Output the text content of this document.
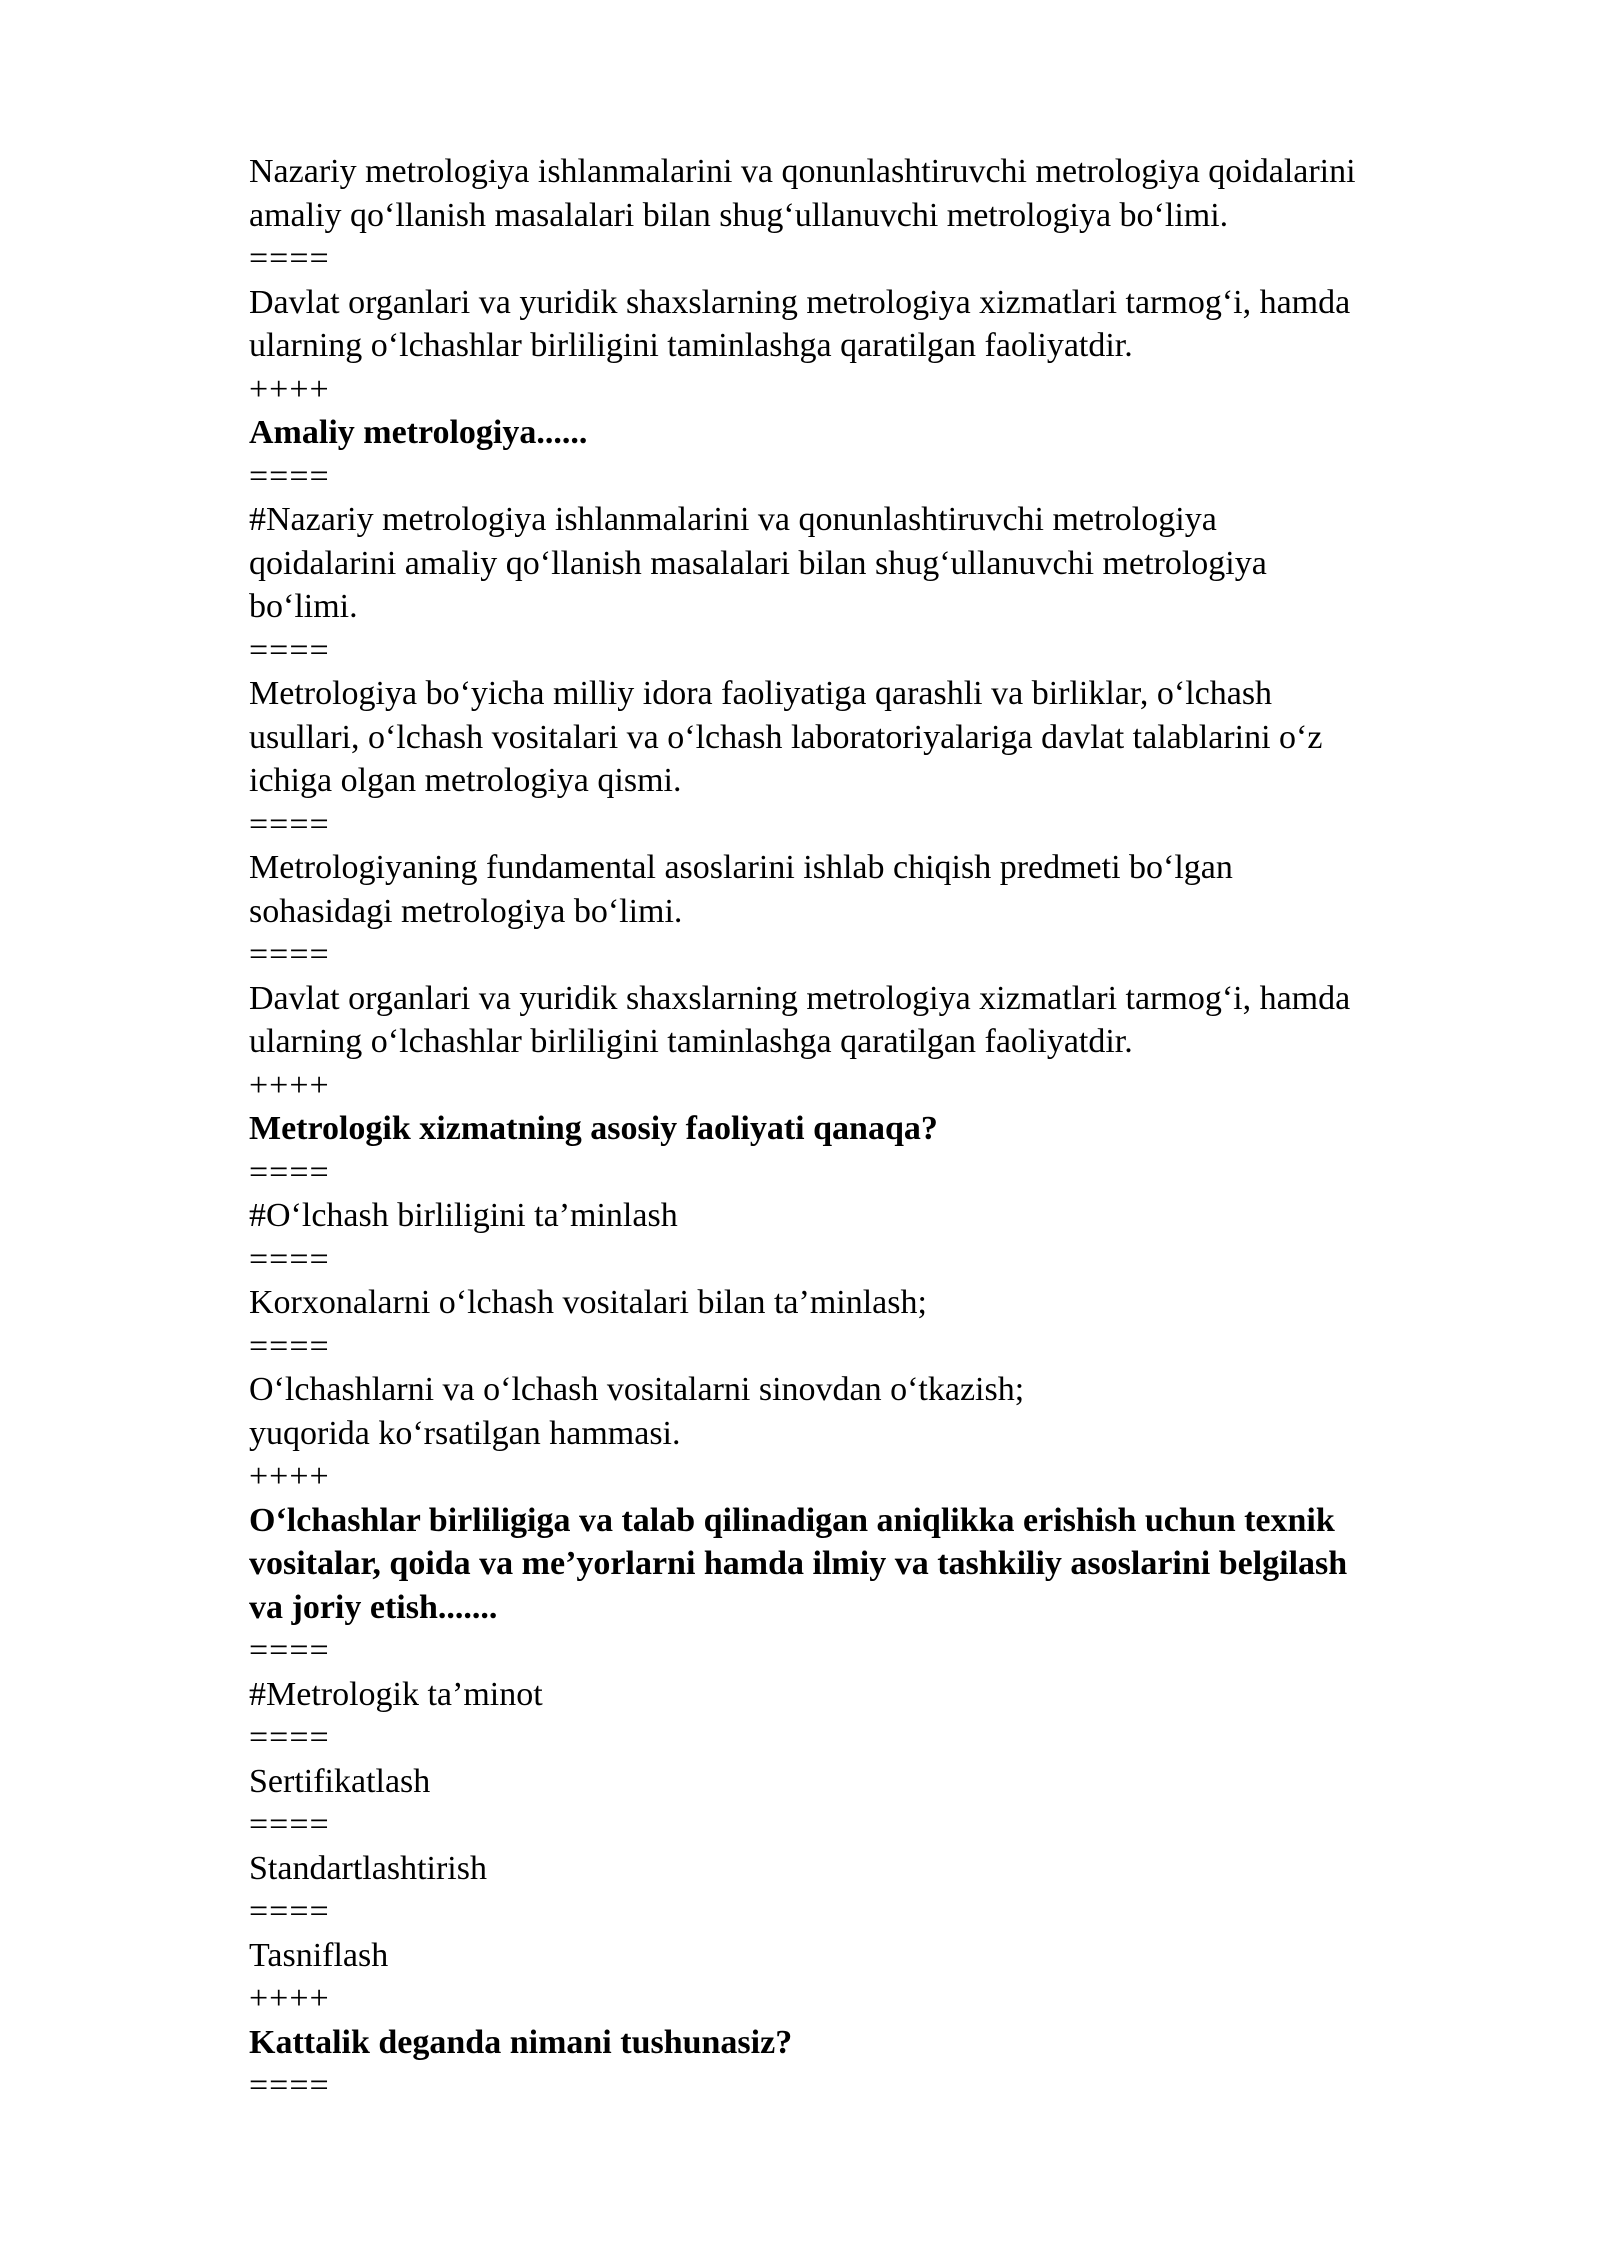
Nazariy metrologiya ishlanmalarini va qonunlashtiruvchi metrologiya qoidalarini
amaliy qo‘llanish masalalari bilan shug‘ullanuvchi metrologiya bo‘limi.
====
Davlat organlari va yuridik shaxslarning metrologiya xizmatlari tarmog‘i, hamda
ularning o‘lchashlar birliligini taminlashga qaratilgan faoliyatdir.
++++
Amaliy metrologiya......
====
#Nazariy metrologiya ishlanmalarini va qonunlashtiruvchi metrologiya
qoidalarini amaliy qo‘llanish masalalari bilan shug‘ullanuvchi metrologiya
bo‘limi.
====
Metrologiya bo‘yicha milliy idora faoliyatiga qarashli va birliklar, o‘lchash
usullari, o‘lchash vositalari va o‘lchash laboratoriyalariga davlat talablarini o‘z
ichiga olgan metrologiya qismi.
====
Metrologiyaning fundamental asoslarini ishlab chiqish predmeti bo‘lgan
sohasidagi metrologiya bo‘limi.
====
Davlat organlari va yuridik shaxslarning metrologiya xizmatlari tarmog‘i, hamda
ularning o‘lchashlar birliligini taminlashga qaratilgan faoliyatdir.
++++
Metrologik xizmatning asosiy faoliyati qanaqa?
====
#O‘lchash birliligini ta’minlash
====
Korxonalarni o‘lchash vositalari bilan ta’minlash;
====
O‘lchashlarni va o‘lchash vositalarni sinovdan o‘tkazish;
yuqorida ko‘rsatilgan hammasi.
++++
O‘lchashlar birliligiga va talab qilinadigan aniqlikka erishish uchun texnik
vositalar, qoida va me’yorlarni hamda ilmiy va tashkiliy asoslarini belgilash
va joriy etish.......
====
#Metrologik ta’minot
====
Sertifikatlash
====
Standartlashtirish
====
Tasniflash
++++
Kattalik deganda nimani tushunasiz?
====
